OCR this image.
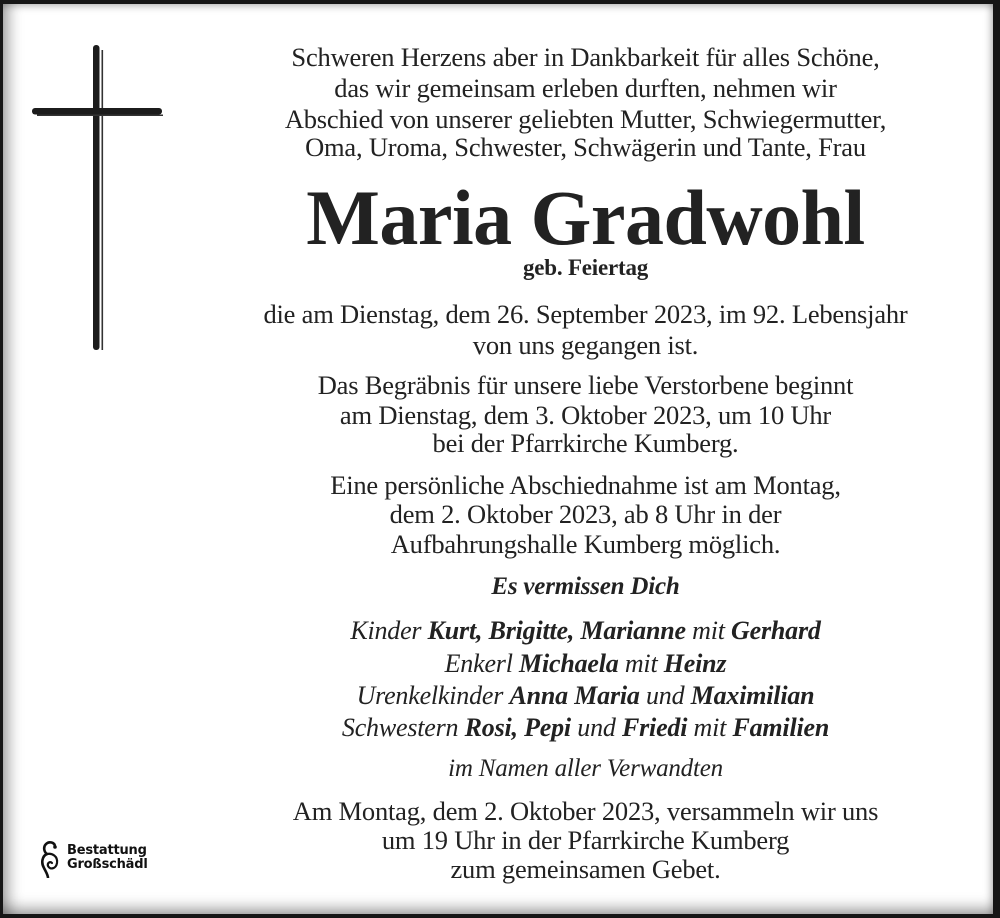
Schweren Herzens aber in Dankbarkeit für alles Schöne,
das wir gemeinsam erleben durften, nehmen wir
Abschied von unserer geliebten Mutter, Schwiegermutter,
Oma, Uroma, Schwester, Schwägerin und Tante, Frau
Maria Gradwohl
geb. Feiertag
die am Dienstag, dem 26. September 2023, im 92. Lebensjahr
von uns gegangen ist.
Das Begräbnis für unsere liebe Verstorbene beginnt
am Dienstag, dem 3. Oktober 2023, um 10 Uhr
bei der Pfarrkirche Kumberg.
Eine persönliche Abschiednahme ist am Montag,
dem 2. Oktober 2023, ab 8 Uhr in der
Aufbahrungshalle Kumberg möglich.
Es vermissen Dich
Kinder Kurt, Brigitte, Marianne mit Gerhard
Enkerl Michaela mit Heinz
Urenkelkinder Anna Maria und Maximilian
Schwestern Rosi, Pepi und Friedi mit Familien
im Namen aller Verwandten
Am Montag, dem 2. Oktober 2023, versammeln wir uns
um 19 Uhr in der Pfarrkirche Kumberg
zum gemeinsamen Gebet.
Bestattung
Großschädl
